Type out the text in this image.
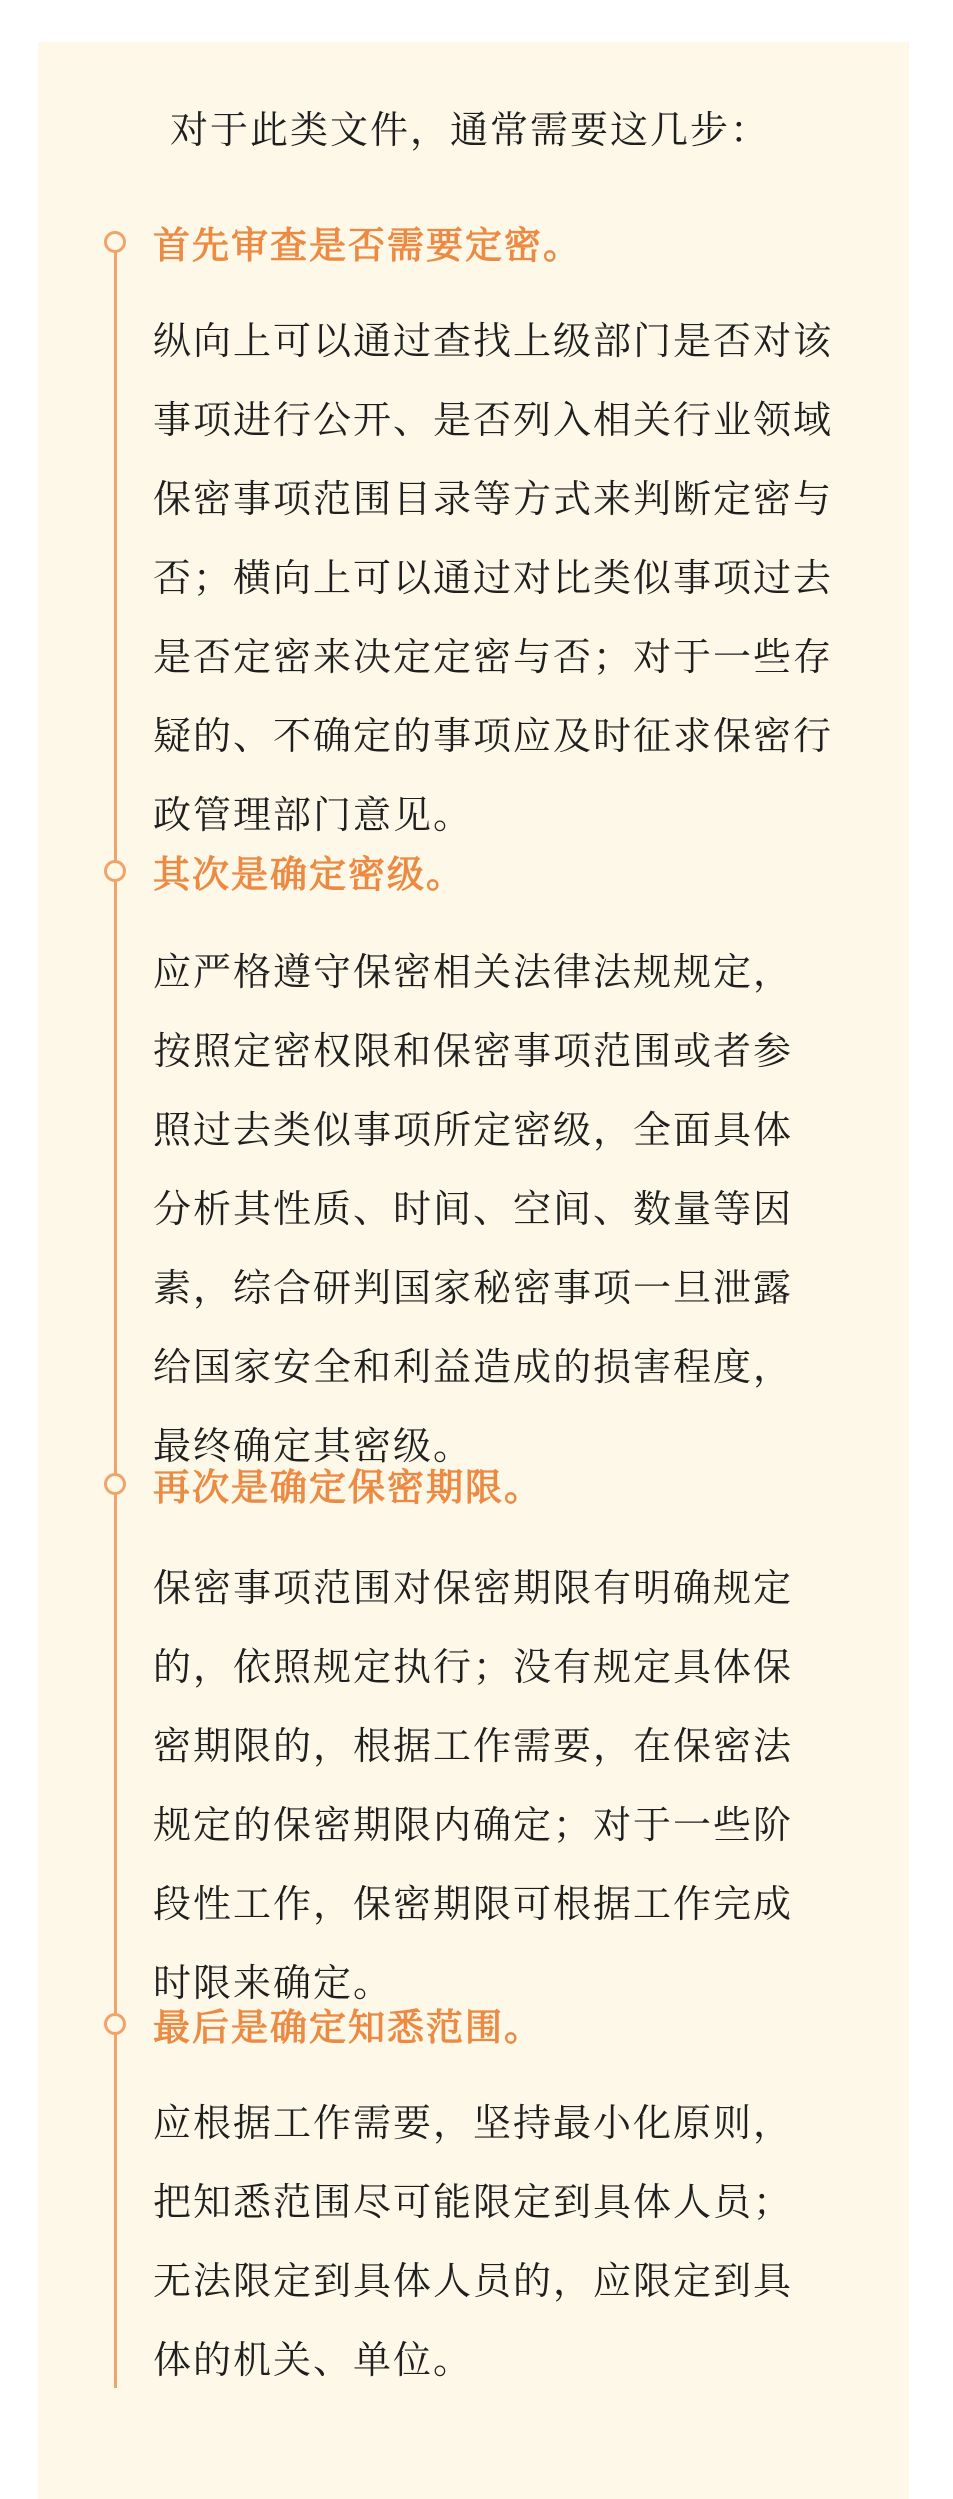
对于此类文件，通常需要这几步：
首先审查是否需要定密。
纵向上可以通过查找上级部门是否对该
事项进行公开、是否列入相关行业领域
保密事项范围目录等方式来判断定密与
否；横向上可以通过对比类似事项过去
是否定密来决定定密与否；对于一些存
疑的、不确定的事项应及时征求保密行
政管理部门意见。
其次是确定密级。
应严格遵守保密相关法律法规规定，
按照定密权限和保密事项范围或者参
照过去类似事项所定密级，全面具体
分析其性质、时间、空间、数量等因
素，综合研判国家秘密事项一旦泄露
给国家安全和利益造成的损害程度，
最终确定其密级。
再次是确定保密期限。
保密事项范围对保密期限有明确规定
的，依照规定执行；没有规定具体保
密期限的，根据工作需要，在保密法
规定的保密期限内确定；对于一些阶
段性工作，保密期限可根据工作完成
时限来确定。
最后是确定知悉范围。
应根据工作需要，坚持最小化原则，
把知悉范围尽可能限定到具体人员；
无法限定到具体人员的，应限定到具
体的机关、单位。
